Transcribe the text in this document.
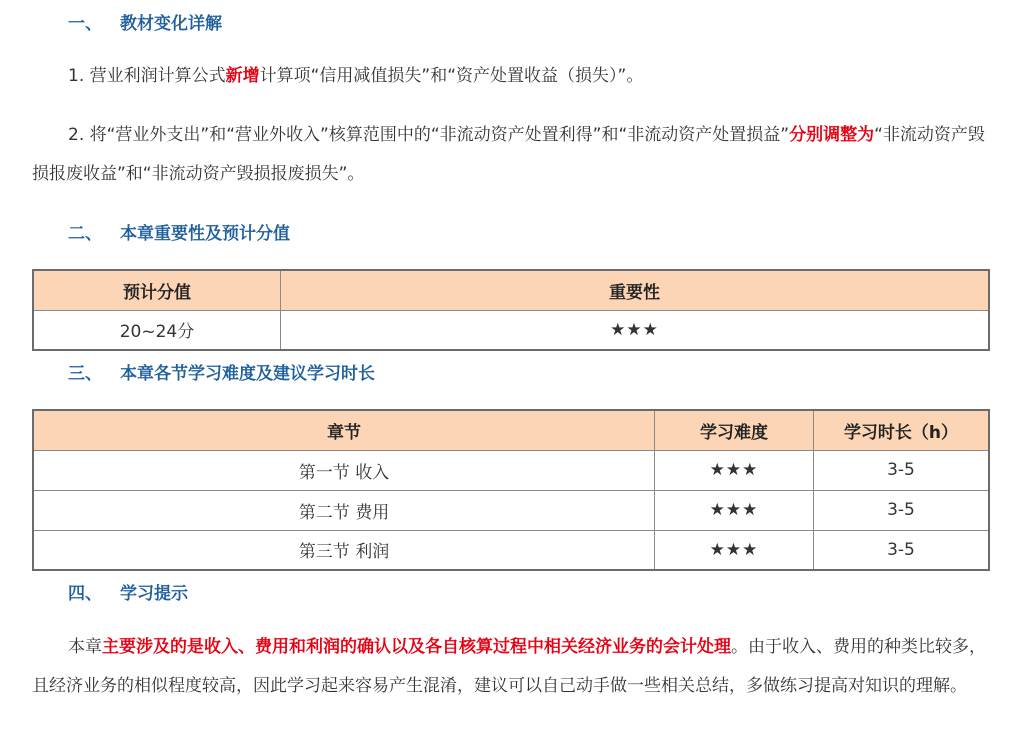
一、 教材变化详解
1. 营业利润计算公式新增计算项“信用减值损失”和“资产处置收益（损失）”。
2. 将“营业外支出”和“营业外收入”核算范围中的“非流动资产处置利得”和“非流动资产处置损益”分别调整为“非流动资产毁损报废收益”和“非流动资产毁损报废损失”。
二、 本章重要性及预计分值
预计分值	重要性
20~24分	★★★
三、 本章各节学习难度及建议学习时长
章节	学习难度	学习时长（h）
第一节 收入	★★★	3-5
第二节 费用	★★★	3-5
第三节 利润	★★★	3-5
四、 学习提示
本章主要涉及的是收入、费用和利润的确认以及各自核算过程中相关经济业务的会计处理。由于收入、费用的种类比较多，且经济业务的相似程度较高，因此学习起来容易产生混淆，建议可以自己动手做一些相关总结，多做练习提高对知识的理解。
